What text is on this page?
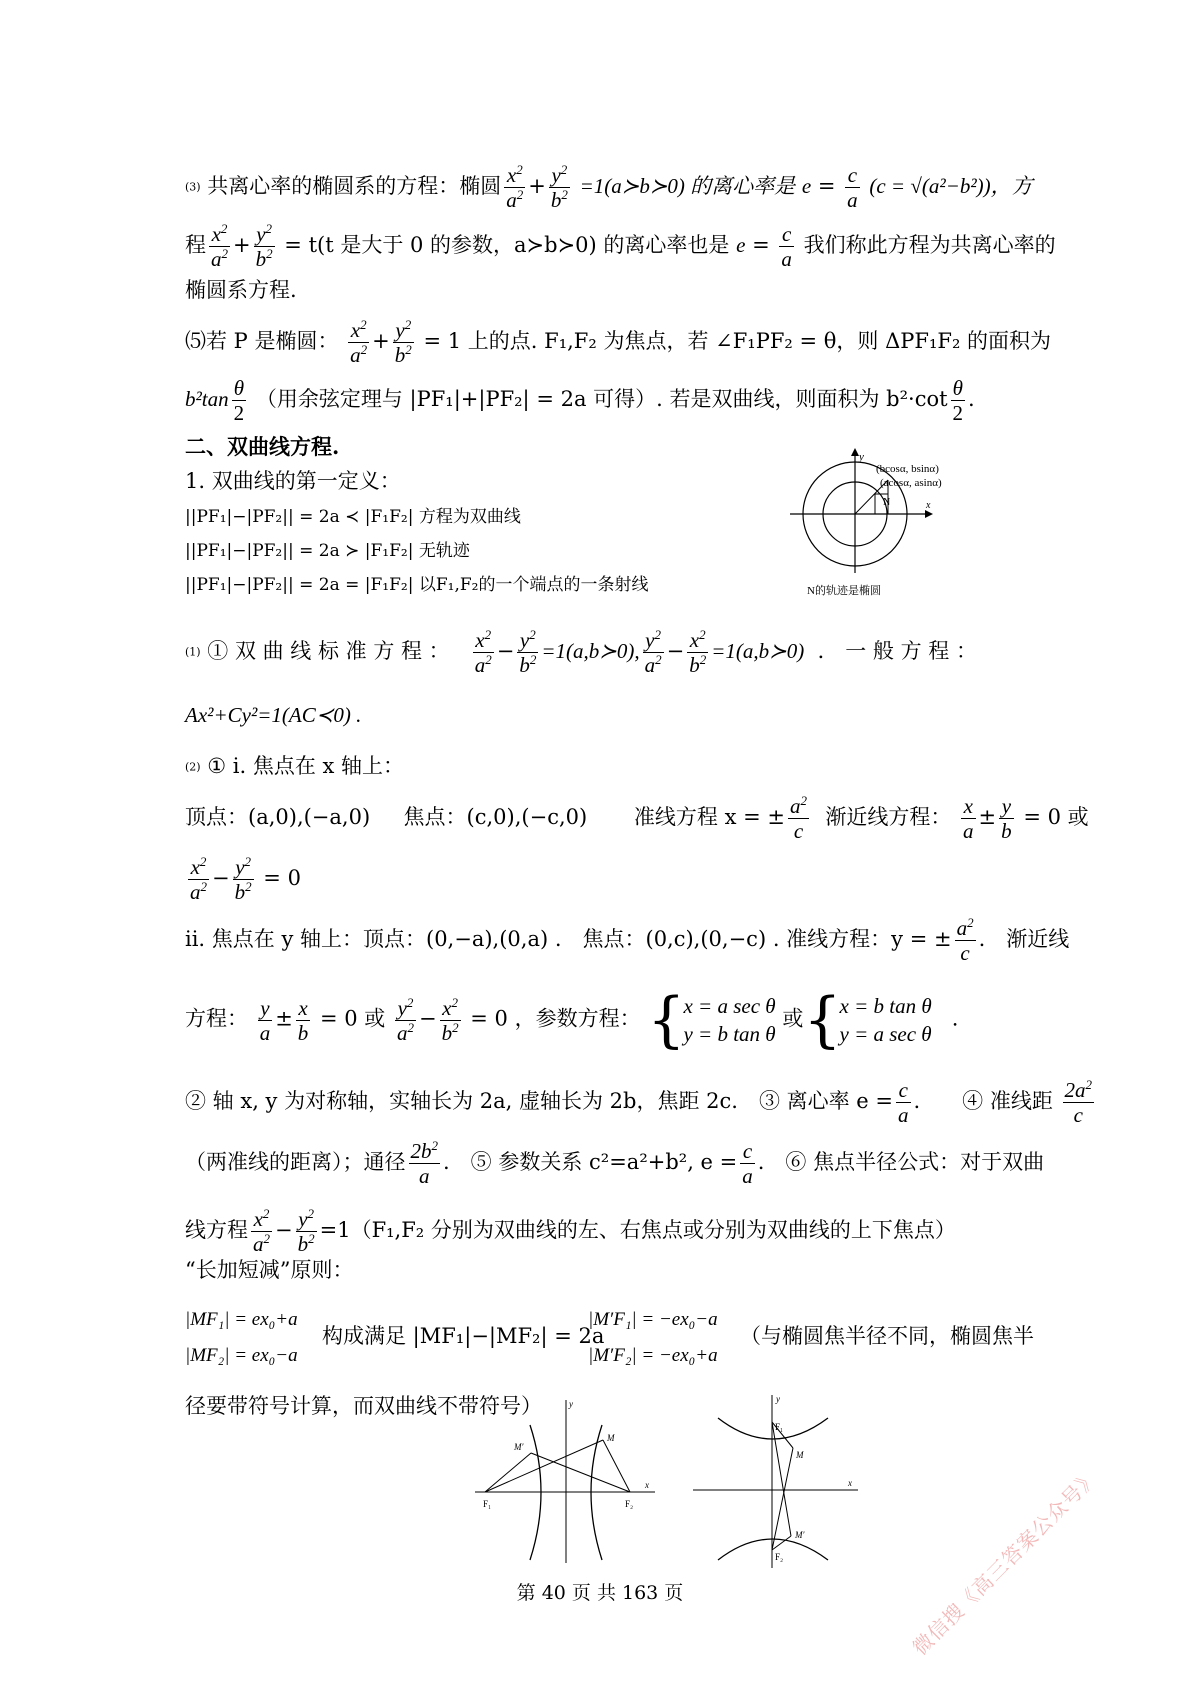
(3) 共离心率的椭圆系的方程：椭圆 $\frac{x^2}{a^2} + \frac{y^2}{b^2}$ =1(a≻b≻0) 的离心率是 $e = \frac{c}{a} (c = √(a^2-b^2))$，方
程 $\frac{x^2}{a^2} + \frac{y^2}{b^2} = t(t$ 是大于 0 的参数，a≻b≻0) 的离心率也是 $e = \frac{c}{a}$ 我们称此方程为共离心率的
椭圆系方程.
⑸若 P 是椭圆： $\frac{x^2}{a^2} + \frac{y^2}{b^2} = 1$ 上的点. F₁,F₂ 为焦点，若 ∠F₁PF₂ = θ，则 ΔPF₁F₂ 的面积为
$b^2\tan \frac{\theta}{2}$ （用余弦定理与 |PF₁|+|PF₂| = 2a 可得）. 若是双曲线，则面积为 $b^2\cdot\cot \frac{\theta}{2}$ .
二、双曲线方程.
1. 双曲线的第一定义：
||PF₁|−|PF₂|| = 2a ≺ |F₁F₂| 方程为双曲线
||PF₁|−|PF₂|| = 2a ≻ |F₁F₂| 无轨迹
||PF₁|−|PF₂|| = 2a = |F₁F₂| 以F₁,F₂的一个端点的一条射线
y
x
N
(bcosα, bsinα)
(acosα, asinα)
N的轨迹是椭圆
(1) ① 双 曲 线 标 准 方 程 ： $\frac{x^2}{a^2} - \frac{y^2}{b^2}$ =1(a,b≻0), $\frac{y^2}{a^2} - \frac{x^2}{b^2}$ =1(a,b≻0) ． 一 般 方 程 ：
Ax²+Cy²=1(AC≺0) .
(2) ① i. 焦点在 x 轴上：
顶点：(a,0),(−a,0) 焦点：(c,0),(−c,0) 准线方程 x = ± $\frac{a^2}{c}$ 渐近线方程： $\frac{x}{a} \pm \frac{y}{b} = 0$ 或
$\frac{x^2}{a^2} - \frac{y^2}{b^2} = 0$
ii. 焦点在 y 轴上：顶点：(0,−a),(0,a) .　焦点：(0,c),(0,−c) . 准线方程：y = ± $\frac{a^2}{c}$ .　渐近线
方程： $\frac{y}{a} \pm \frac{x}{b} = 0$ 或 $\frac{y^2}{a^2} - \frac{x^2}{b^2} = 0$ ，参数方程： {
x = a sec θ
y = b tan θ
或{
x = b tan θ
y = a sec θ
.
② 轴 x, y 为对称轴，实轴长为 2a, 虚轴长为 2b，焦距 2c.　③ 离心率 $e = \frac{c}{a}$ .　　④ 准线距 $\frac{2a^2}{c}$
（两准线的距离）；通径 $\frac{2b^2}{a}$ .　⑤ 参数关系 c²=a²+b², $e = \frac{c}{a}$ .　⑥ 焦点半径公式：对于双曲
线方程 $\frac{x^2}{a^2} - \frac{y^2}{b^2} =1(F_1,F_2$ 分别为双曲线的左、右焦点或分别为双曲线的上下焦点）
“长加短减”原则：
|MF₁| = ex₀+a
|MF₂| = ex₀−a
构成满足 |MF₁|−|MF₂| = 2a
|M′F₁| = −ex₀−a
|M′F₂| = −ex₀+a
（与椭圆焦半径不同，椭圆焦半
径要带符号计算，而双曲线不带符号）	y
x
M′
M
F₁	F₂
y
x
F₁
M
M′
F₂
第 40 页 共 163 页	微信搜《高三答案公众号》
